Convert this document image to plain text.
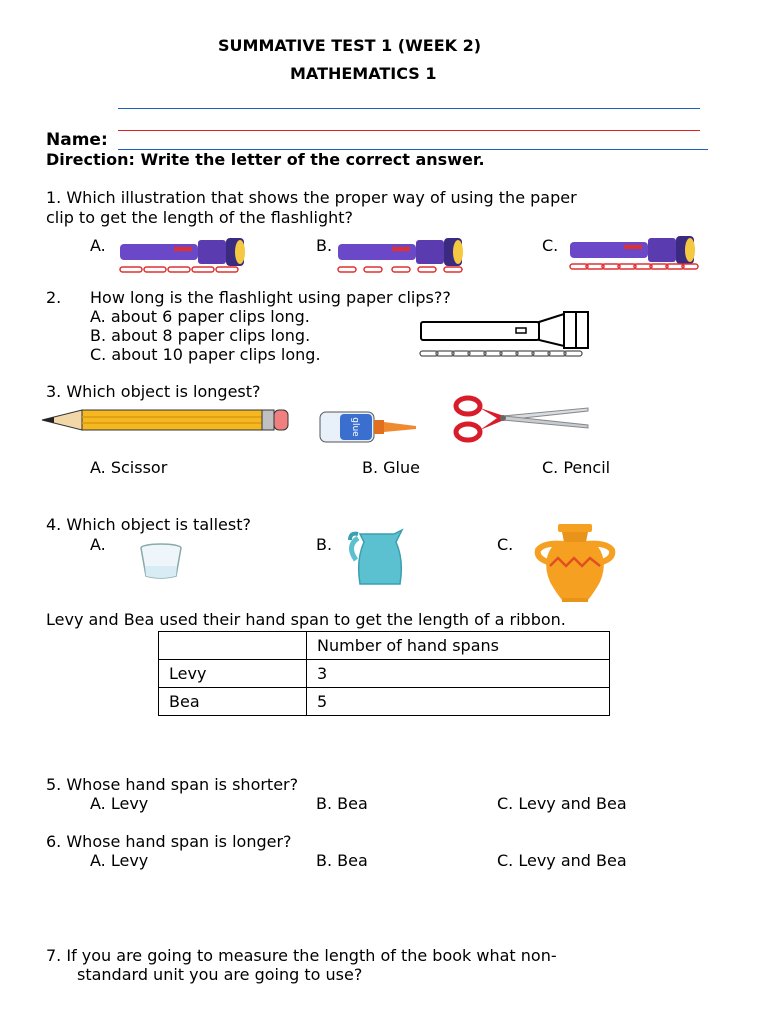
SUMMATIVE TEST 1 (WEEK 2)
MATHEMATICS 1
Name:
Direction: Write the letter of the correct answer.
1. Which illustration that shows the proper way of using the paper
clip to get the length of the flashlight?
A.	B.	C.
2. How long is the flashlight using paper clips??
A. about 6 paper clips long.
B. about 8 paper clips long.
C. about 10 paper clips long.
3. Which object is longest?
glue
A. Scissor	B. Glue	C. Pencil
4. Which object is tallest?
A.	B.	C.
Levy and Bea used their hand span to get the length of a ribbon.
	Number of hand spans
Levy	3
Bea	5
5. Whose hand span is shorter?
A. Levy	B. Bea	C. Levy and Bea
6. Whose hand span is longer?
A. Levy	B. Bea	C. Levy and Bea
7. If you are going to measure the length of the book what non-
standard unit you are going to use?
